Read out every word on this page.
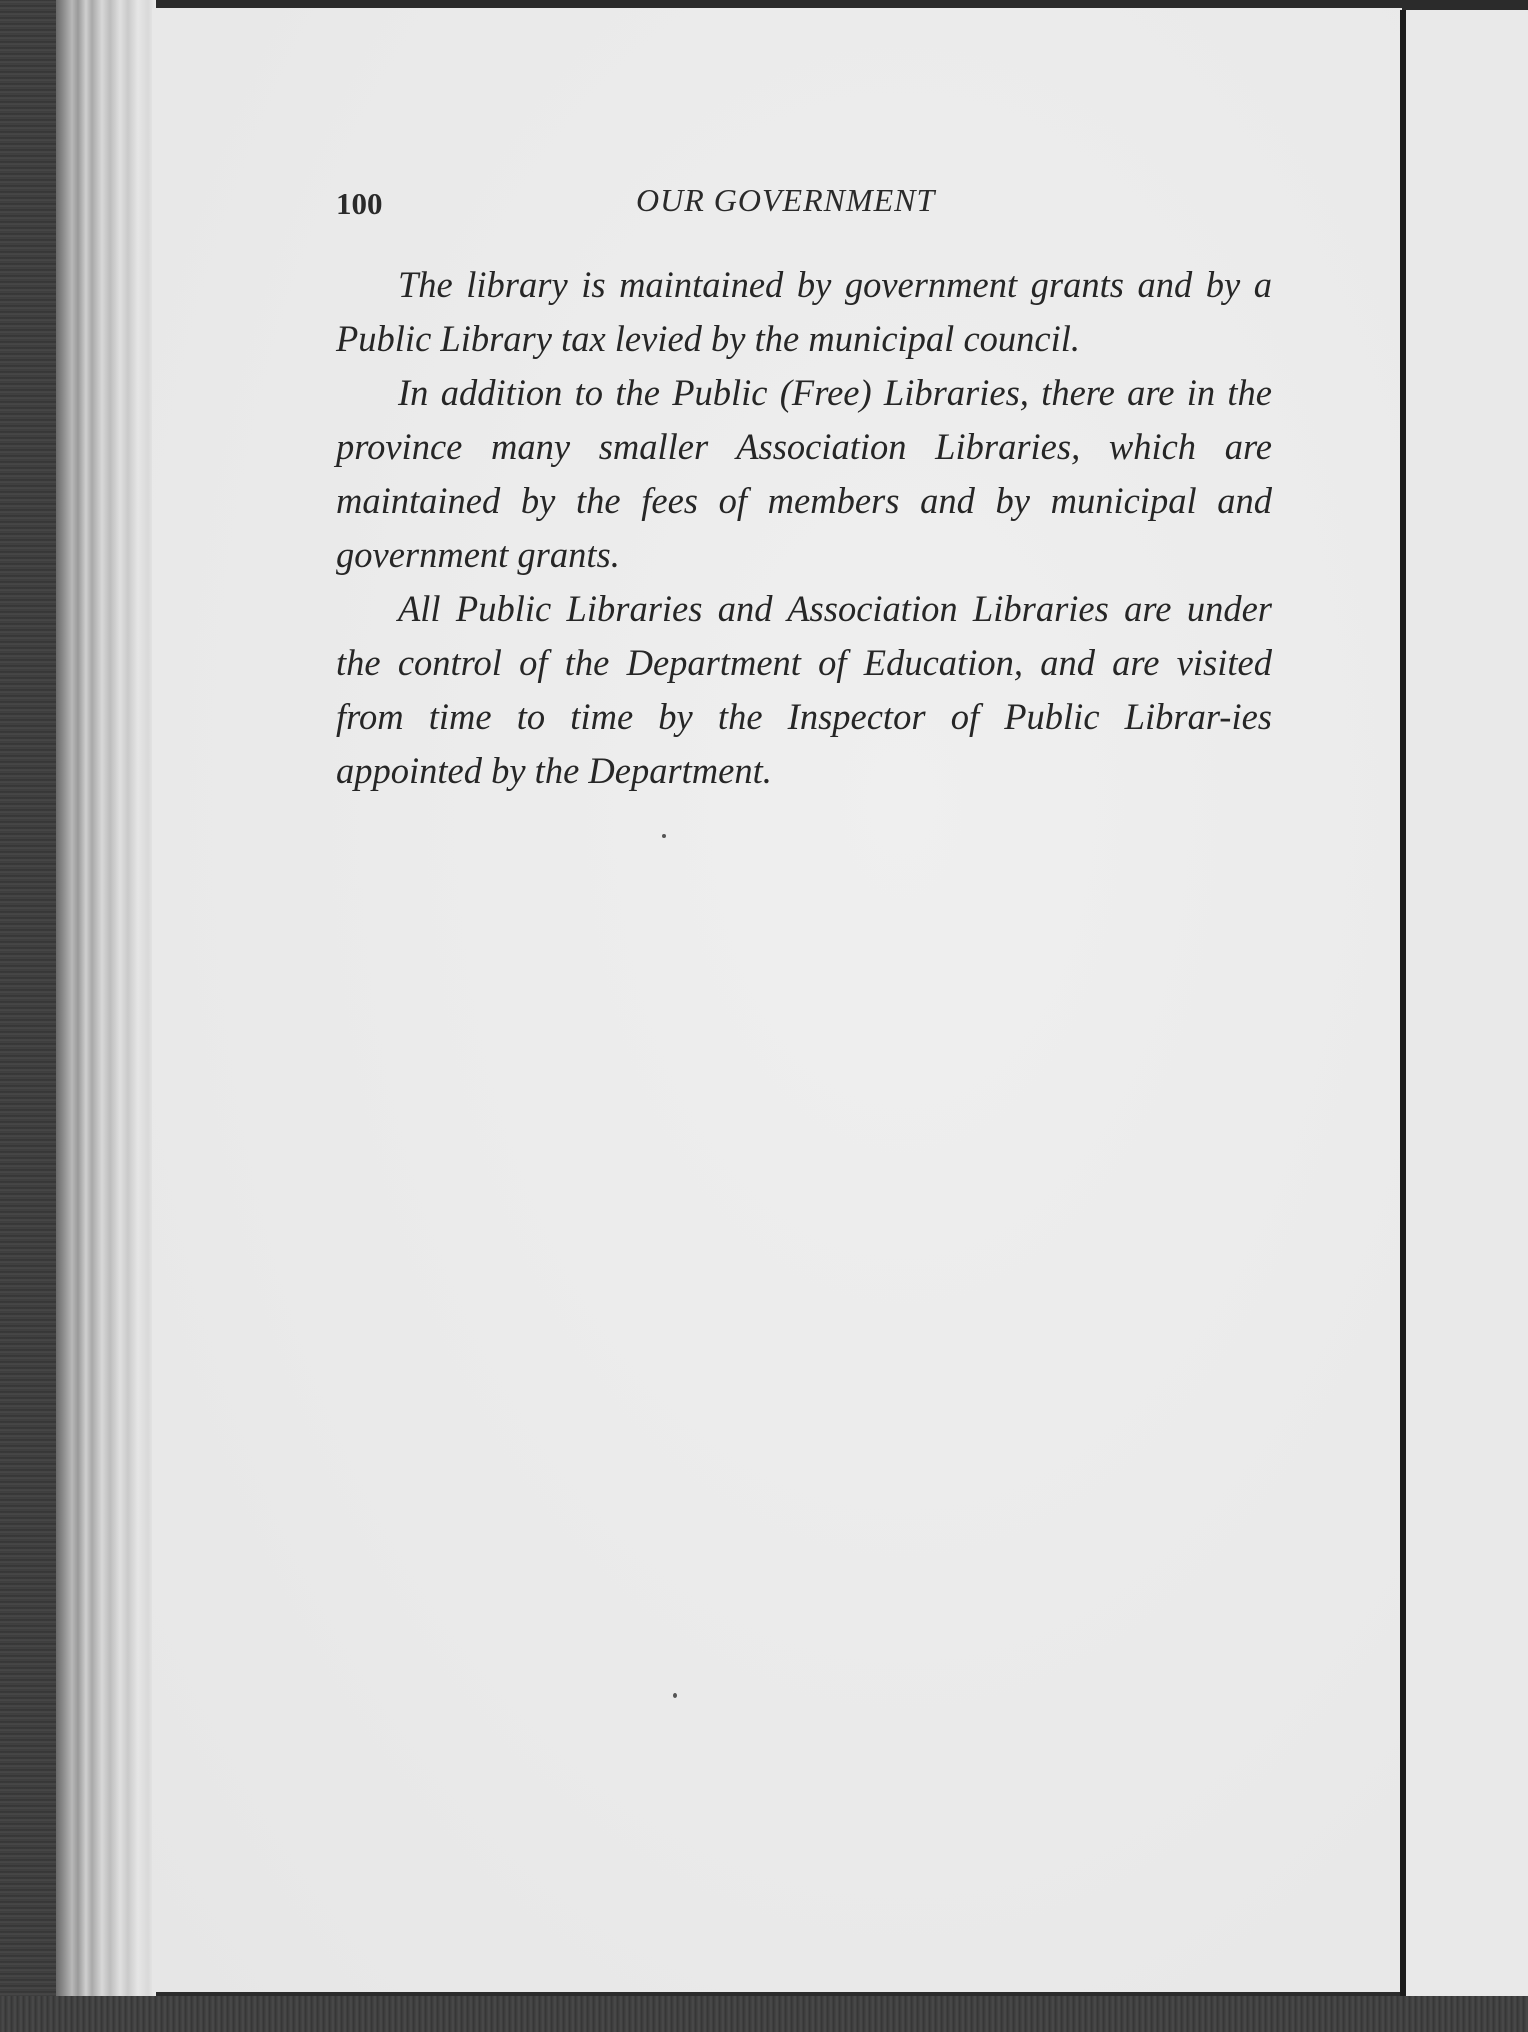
100	OUR GOVERNMENT

The library is maintained by government grants and by a Public Library tax levied by the municipal council.

In addition to the Public (Free) Libraries, there are in the province many smaller Association Libraries, which are maintained by the fees of members and by municipal and government grants.

All Public Libraries and Association Libraries are under the control of the Department of Education, and are visited from time to time by the Inspector of Public Librar-ies appointed by the Department.
